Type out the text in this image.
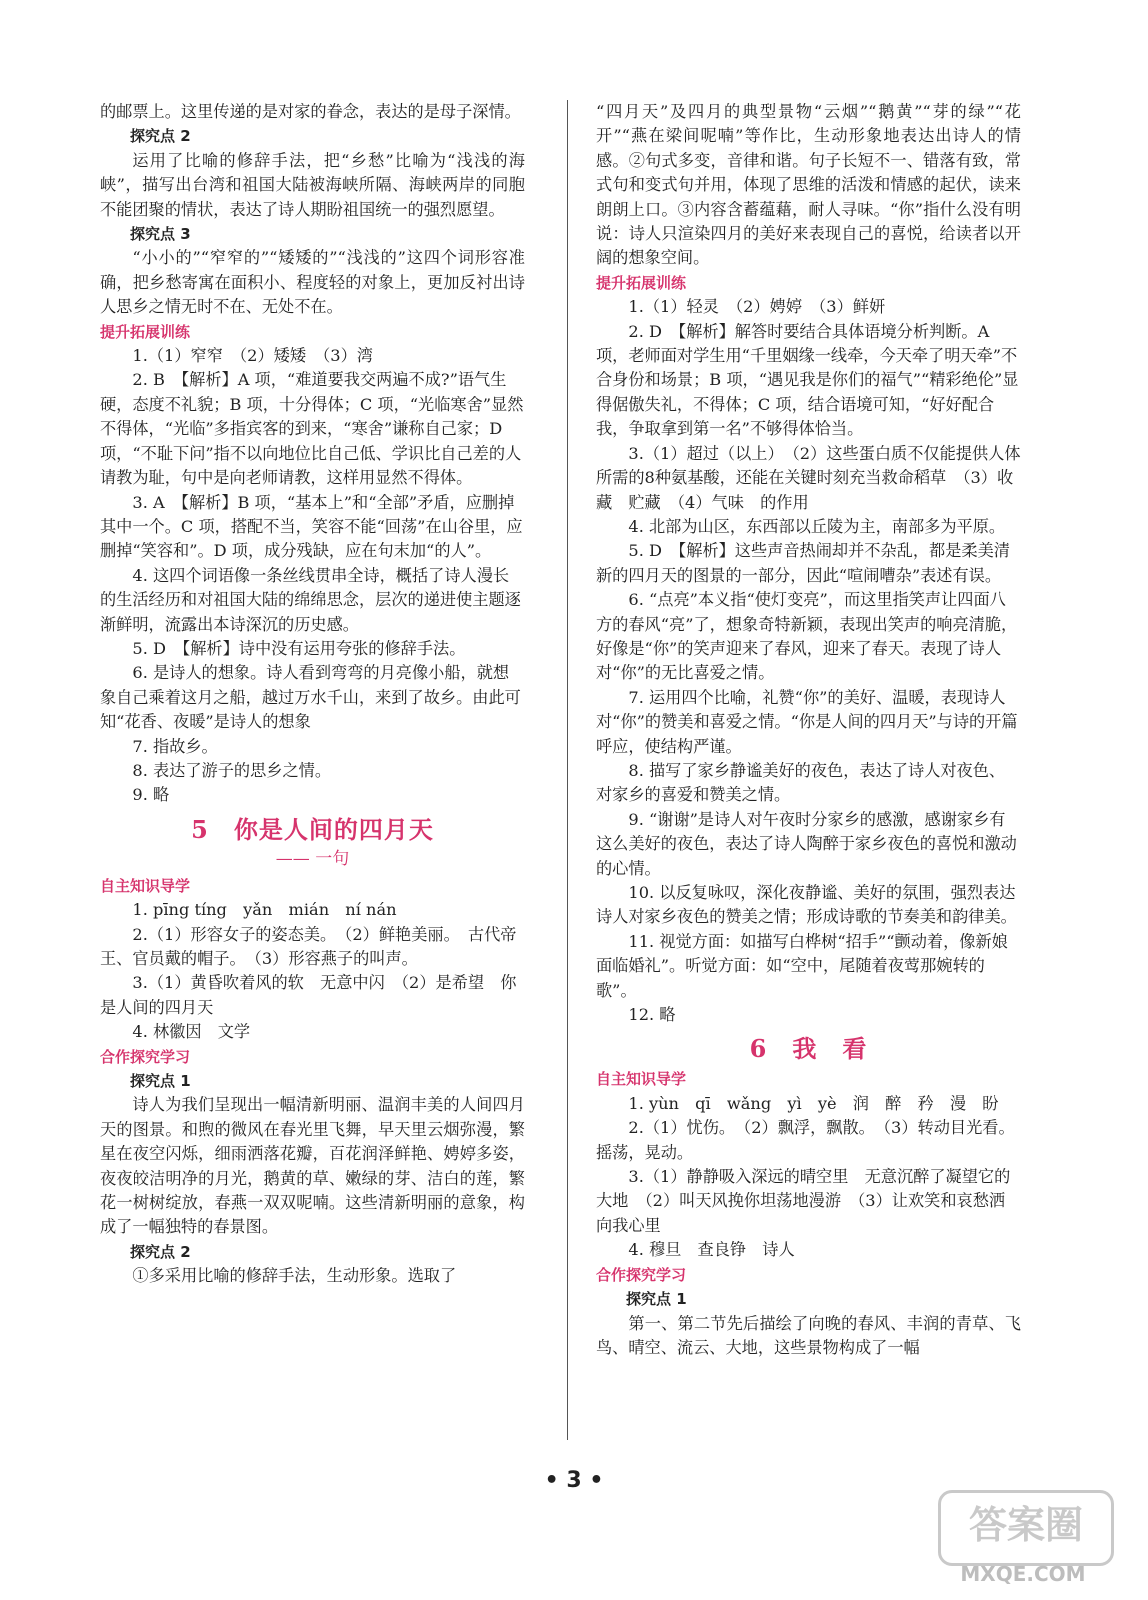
的邮票上。这里传递的是对家的眷念，表达的是母子深情。

探究点 2

运用了比喻的修辞手法，把“乡愁”比喻为“浅浅的海峡”，描写出台湾和祖国大陆被海峡所隔、海峡两岸的同胞不能团聚的情状，表达了诗人期盼祖国统一的强烈愿望。

探究点 3

“小小的”“窄窄的”“矮矮的”“浅浅的”这四个词形容准确，把乡愁寄寓在面积小、程度轻的对象上，更加反衬出诗人思乡之情无时不在、无处不在。

提升拓展训练

1.（1）窄窄　（2）矮矮　（3）湾

2. B　【解析】A 项，“难道要我交两遍不成?”语气生硬，态度不礼貌；B 项，十分得体；C 项，“光临寒舍”显然不得体，“光临”多指宾客的到来，“寒舍”谦称自己家；D 项，“不耻下问”指不以向地位比自己低、学识比自己差的人请教为耻，句中是向老师请教，这样用显然不得体。

3. A　【解析】B 项，“基本上”和“全部”矛盾，应删掉其中一个。C 项，搭配不当，笑容不能“回荡”在山谷里，应删掉“笑容和”。D 项，成分残缺，应在句末加“的人”。

4. 这四个词语像一条丝线贯串全诗，概括了诗人漫长的生活经历和对祖国大陆的绵绵思念，层次的递进使主题逐渐鲜明，流露出本诗深沉的历史感。

5. D　【解析】诗中没有运用夸张的修辞手法。

6. 是诗人的想象。诗人看到弯弯的月亮像小船，就想象自己乘着这月之船，越过万水千山，来到了故乡。由此可知“花香、夜暖”是诗人的想象

7. 指故乡。

8. 表达了游子的思乡之情。

9. 略

5　你是人间的四月天

—— 一句

自主知识导学

1. pīng tíng　yǎn　mián　ní nán

2.（1）形容女子的姿态美。　（2）鲜艳美丽。　古代帝王、官员戴的帽子。　（3）形容燕子的叫声。

3.（1）黄昏吹着风的软　无意中闪　（2）是希望　你是人间的四月天

4. 林徽因　文学

合作探究学习

探究点 1

诗人为我们呈现出一幅清新明丽、温润丰美的人间四月天的图景。和煦的微风在春光里飞舞，早天里云烟弥漫，繁星在夜空闪烁，细雨洒落花瓣，百花润泽鲜艳、娉婷多姿，夜夜皎洁明净的月光，鹅黄的草、嫩绿的芽、洁白的莲，繁花一树树绽放，春燕一双双呢喃。这些清新明丽的意象，构成了一幅独特的春景图。

探究点 2

①多采用比喻的修辞手法，生动形象。选取了

“四月天”及四月的典型景物“云烟”“鹅黄”“芽的绿”“花开”“燕在梁间呢喃”等作比，生动形象地表达出诗人的情感。②句式多变，音律和谐。句子长短不一、错落有致，常式句和变式句并用，体现了思维的活泼和情感的起伏，读来朗朗上口。③内容含蓄蕴藉，耐人寻味。“你”指什么没有明说：诗人只渲染四月的美好来表现自己的喜悦，给读者以开阔的想象空间。

提升拓展训练

1.（1）轻灵　（2）娉婷　（3）鲜妍

2. D　【解析】解答时要结合具体语境分析判断。A 项，老师面对学生用“千里姻缘一线牵，今天牵了明天牵”不合身份和场景；B 项，“遇见我是你们的福气”“精彩绝伦”显得倨傲失礼，不得体；C 项，结合语境可知，“好好配合我，争取拿到第一名”不够得体恰当。

3.（1）超过（以上）　（2）这些蛋白质不仅能提供人体所需的8种氨基酸，还能在关键时刻充当救命稻草　（3）收藏　贮藏　（4）气味　的作用

4. 北部为山区，东西部以丘陵为主，南部多为平原。

5. D　【解析】这些声音热闹却并不杂乱，都是柔美清新的四月天的图景的一部分，因此“喧闹嘈杂”表述有误。

6. “点亮”本义指“使灯变亮”，而这里指笑声让四面八方的春风“亮”了，想象奇特新颖，表现出笑声的响亮清脆，好像是“你”的笑声迎来了春风，迎来了春天。表现了诗人对“你”的无比喜爱之情。

7. 运用四个比喻，礼赞“你”的美好、温暖，表现诗人对“你”的赞美和喜爱之情。“你是人间的四月天”与诗的开篇呼应，使结构严谨。

8. 描写了家乡静谧美好的夜色，表达了诗人对夜色、对家乡的喜爱和赞美之情。

9. “谢谢”是诗人对午夜时分家乡的感激，感谢家乡有这么美好的夜色，表达了诗人陶醉于家乡夜色的喜悦和激动的心情。

10. 以反复咏叹，深化夜静谧、美好的氛围，强烈表达诗人对家乡夜色的赞美之情；形成诗歌的节奏美和韵律美。

11. 视觉方面：如描写白桦树“招手”“颤动着，像新娘面临婚礼”。听觉方面：如“空中，尾随着夜莺那婉转的歌”。

12. 略

6　我　看

自主知识导学

1. yùn　qī　wǎng　yì　yè　润　醉　矜　漫　盼

2.（1）忧伤。　（2）飘浮，飘散。　（3）转动目光看。　摇荡，晃动。

3.（1）静静吸入深远的晴空里　无意沉醉了凝望它的大地　（2）叫天风挽你坦荡地漫游　（3）让欢笑和哀愁洒向我心里

4. 穆旦　查良铮　诗人

合作探究学习

探究点 1

第一、第二节先后描绘了向晚的春风、丰润的青草、飞鸟、晴空、流云、大地，这些景物构成了一幅

• 3 •
答案圈
MXQE.COM
